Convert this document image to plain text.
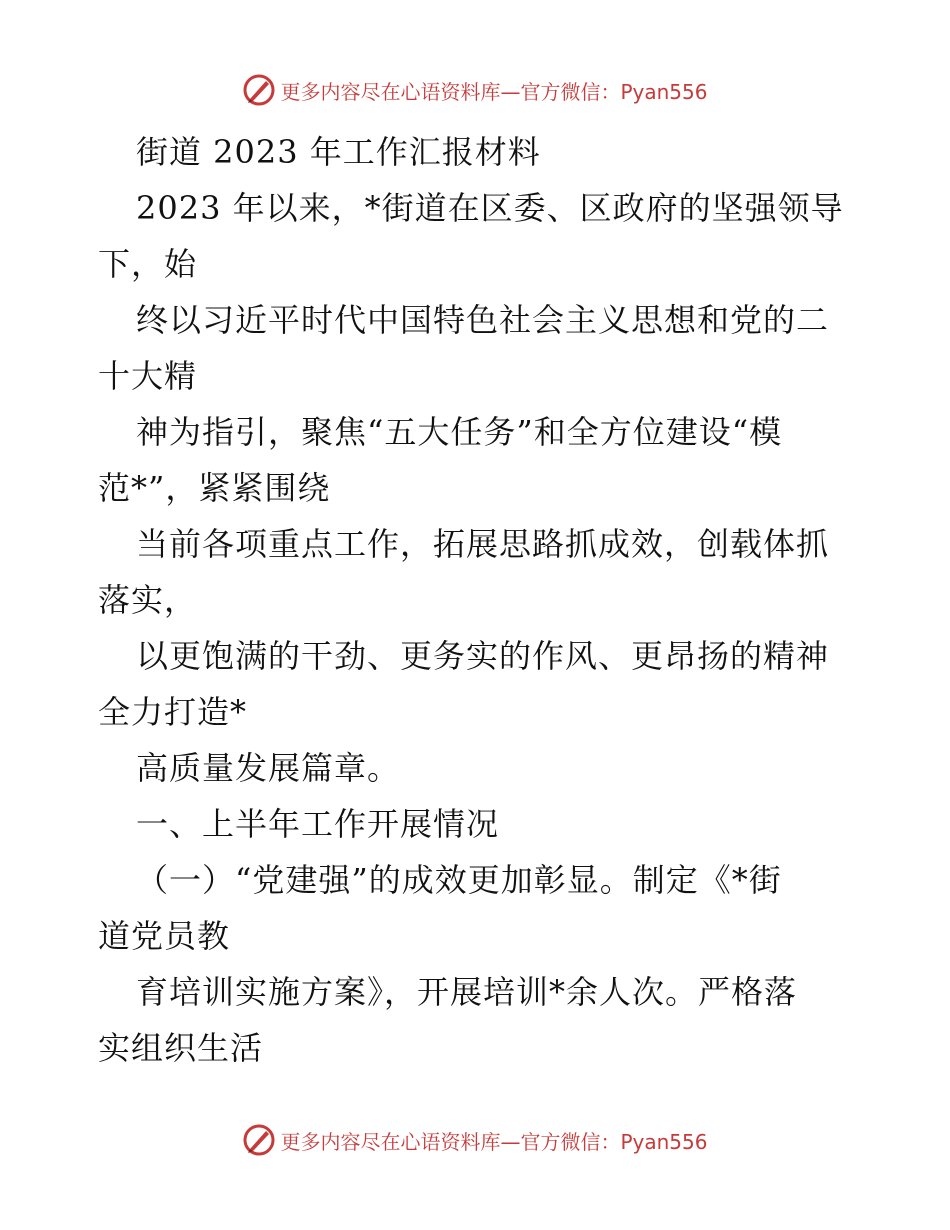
更多内容尽在心语资料库—官方微信：Pyan556
街道 2023 年工作汇报材料
2023 年以来，*街道在区委、区政府的坚强领导
下，始
终以习近平时代中国特色社会主义思想和党的二
十大精
神为指引，聚焦“五大任务”和全方位建设“模
范*”，紧紧围绕
当前各项重点工作，拓展思路抓成效，创载体抓
落实，
以更饱满的干劲、更务实的作风、更昂扬的精神
全力打造*
高质量发展篇章。
一、上半年工作开展情况
（一）“党建强”的成效更加彰显。制定《*街
道党员教
育培训实施方案》，开展培训*余人次。严格落
实组织生活
更多内容尽在心语资料库—官方微信：Pyan556
